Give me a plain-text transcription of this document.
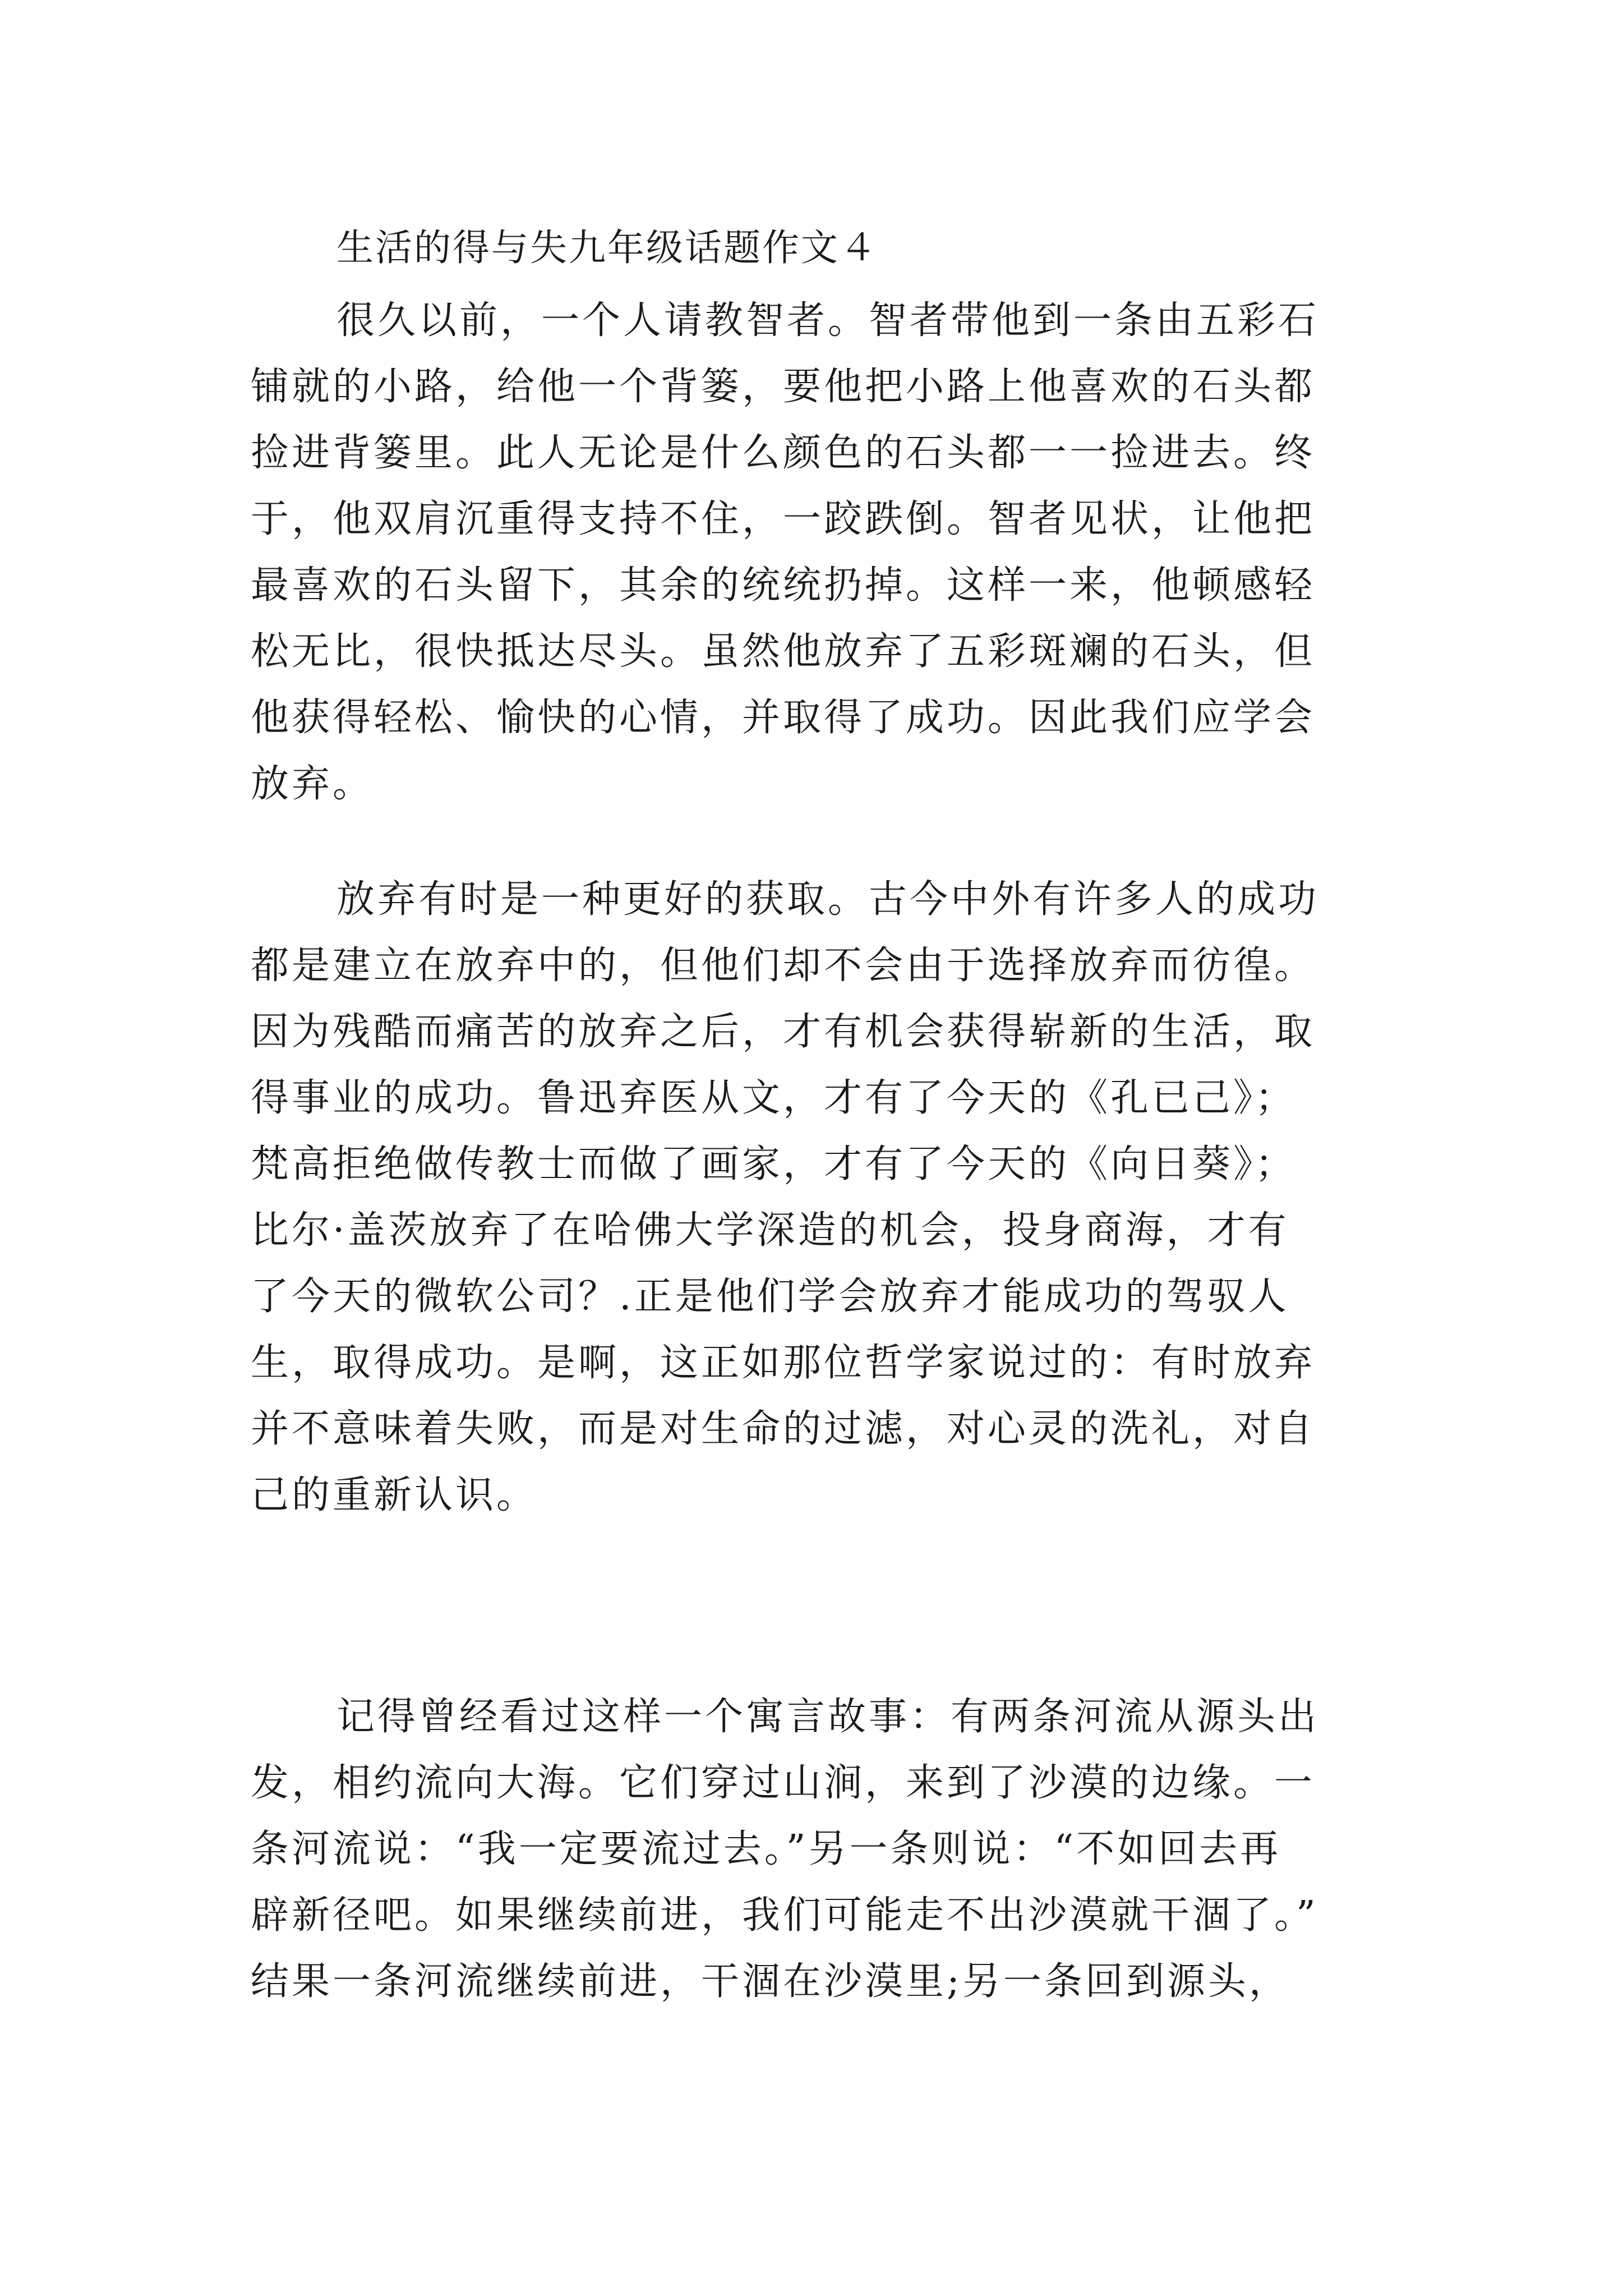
生活的得与失九年级话题作文４
很久以前，一个人请教智者。智者带他到一条由五彩石
铺就的小路，给他一个背篓，要他把小路上他喜欢的石头都
捡进背篓里。此人无论是什么颜色的石头都一一捡进去。终
于，他双肩沉重得支持不住，一跤跌倒。智者见状，让他把
最喜欢的石头留下，其余的统统扔掉。这样一来，他顿感轻
松无比，很快抵达尽头。虽然他放弃了五彩斑斓的石头，但
他获得轻松、愉快的心情，并取得了成功。因此我们应学会
放弃。
放弃有时是一种更好的获取。古今中外有许多人的成功
都是建立在放弃中的，但他们却不会由于选择放弃而彷徨。
因为残酷而痛苦的放弃之后，才有机会获得崭新的生活，取
得事业的成功。鲁迅弃医从文，才有了今天的《孔已己》；
梵高拒绝做传教士而做了画家，才有了今天的《向日葵》；
比尔·盖茨放弃了在哈佛大学深造的机会，投身商海，才有
了今天的微软公司？.正是他们学会放弃才能成功的驾驭人
生，取得成功。是啊，这正如那位哲学家说过的：有时放弃
并不意味着失败，而是对生命的过滤，对心灵的洗礼，对自
己的重新认识。
记得曾经看过这样一个寓言故事：有两条河流从源头出
发，相约流向大海。它们穿过山涧，来到了沙漠的边缘。一
条河流说：“我一定要流过去。”另一条则说：“不如回去再
辟新径吧。如果继续前进，我们可能走不出沙漠就干涸了。”
结果一条河流继续前进，干涸在沙漠里;另一条回到源头，
